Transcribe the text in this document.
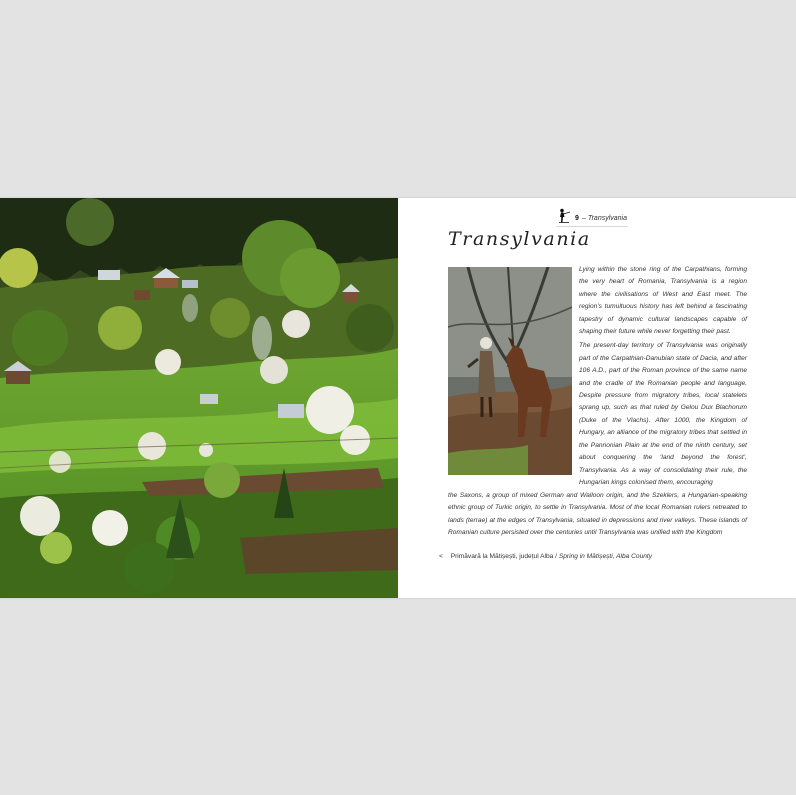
9 – Transylvania
Transylvania

Lying within the stone ring of the Carpathians, forming the very heart of Romania, Transylvania is a region where the civilisations of West and East meet. The region’s tumultuous history has left behind a fascinating tapestry of dynamic cultural landscapes capable of shaping their future while never forgetting their past.

The present-day territory of Transylvania was originally part of the Carpathian-Danubian state of Dacia, and after 106 A.D., part of the Roman province of the same name and the cradle of the Romanian people and language. Despite pressure from migratory tribes, local statelets sprang up, such as that ruled by Gelou Dux Blachorum (Duke of the Vlachs). After 1000, the Kingdom of Hungary, an alliance of the migratory tribes that settled in the Pannonian Plain at the end of the ninth century, set about conquering the ‘land beyond the forest’, Transylvania. As a way of consolidating their rule, the Hungarian kings colonised them, encouraging

the Saxons, a group of mixed German and Walloon origin, and the Szeklers, a Hungarian-speaking ethnic group of Turkic origin, to settle in Transylvania. Most of the local Romanian rulers retreated to lands (terrae) at the edges of Transylvania, situated in depressions and river valleys. These islands of Romanian culture persisted over the centuries until Transylvania was unified with the Kingdom
< Primăvară la Mătișești, județul Alba / Spring in Mătișești, Alba County
